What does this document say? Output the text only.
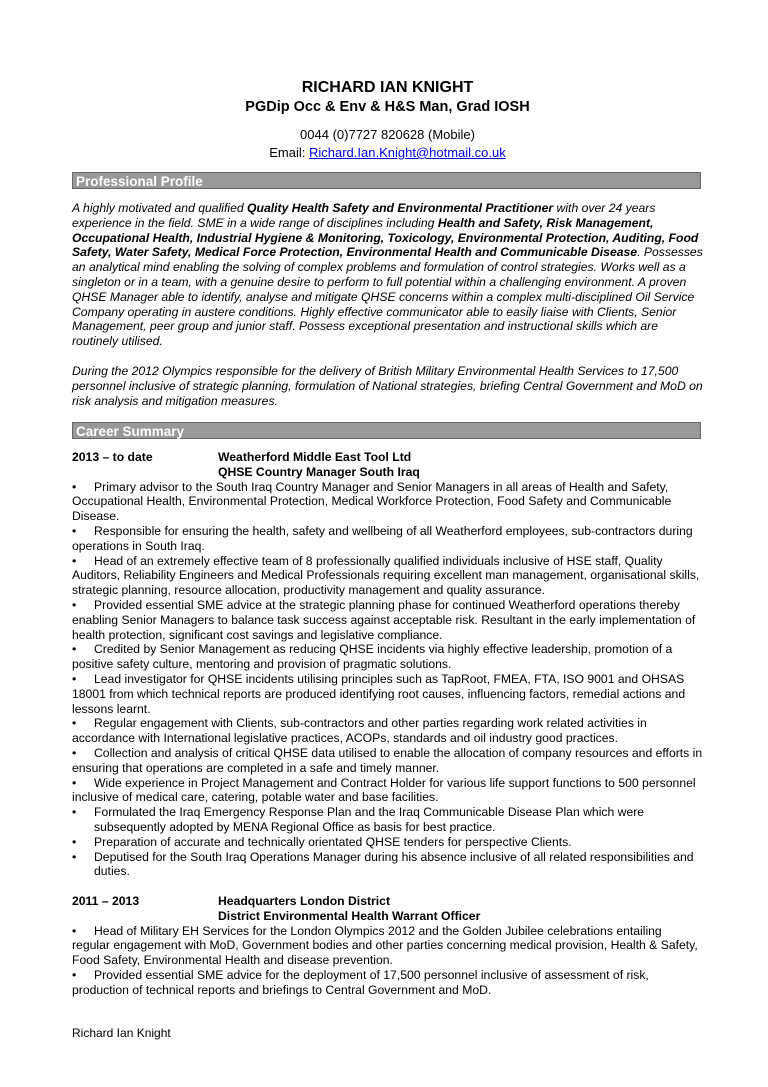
RICHARD IAN KNIGHT
PGDip Occ & Env & H&S Man, Grad IOSH
0044 (0)7727 820628 (Mobile)
Email: Richard.Ian.Knight@hotmail.co.uk
Professional Profile
A highly motivated and qualified Quality Health Safety and Environmental Practitioner with over 24 years experience in the field. SME in a wide range of disciplines including Health and Safety, Risk Management, Occupational Health, Industrial Hygiene & Monitoring, Toxicology, Environmental Protection, Auditing, Food Safety, Water Safety, Medical Force Protection, Environmental Health and Communicable Disease. Possesses an analytical mind enabling the solving of complex problems and formulation of control strategies. Works well as a singleton or in a team, with a genuine desire to perform to full potential within a challenging environment. A proven QHSE Manager able to identify, analyse and mitigate QHSE concerns within a complex multi-disciplined Oil Service Company operating in austere conditions. Highly effective communicator able to easily liaise with Clients, Senior Management, peer group and junior staff. Possess exceptional presentation and instructional skills which are routinely utilised.
During the 2012 Olympics responsible for the delivery of British Military Environmental Health Services to 17,500 personnel inclusive of strategic planning, formulation of National strategies, briefing Central Government and MoD on risk analysis and mitigation measures.
Career Summary
2013 – to date	Weatherford Middle East Tool Ltd
QHSE Country Manager South Iraq
• Primary advisor to the South Iraq Country Manager and Senior Managers in all areas of Health and Safety, Occupational Health, Environmental Protection, Medical Workforce Protection, Food Safety and Communicable Disease.
• Responsible for ensuring the health, safety and wellbeing of all Weatherford employees, sub-contractors during operations in South Iraq.
• Head of an extremely effective team of 8 professionally qualified individuals inclusive of HSE staff, Quality Auditors, Reliability Engineers and Medical Professionals requiring excellent man management, organisational skills, strategic planning, resource allocation, productivity management and quality assurance.
• Provided essential SME advice at the strategic planning phase for continued Weatherford operations thereby enabling Senior Managers to balance task success against acceptable risk. Resultant in the early implementation of health protection, significant cost savings and legislative compliance.
• Credited by Senior Management as reducing QHSE incidents via highly effective leadership, promotion of a positive safety culture, mentoring and provision of pragmatic solutions.
• Lead investigator for QHSE incidents utilising principles such as TapRoot, FMEA, FTA, ISO 9001 and OHSAS 18001 from which technical reports are produced identifying root causes, influencing factors, remedial actions and lessons learnt.
• Regular engagement with Clients, sub-contractors and other parties regarding work related activities in accordance with International legislative practices, ACOPs, standards and oil industry good practices.
• Collection and analysis of critical QHSE data utilised to enable the allocation of company resources and efforts in ensuring that operations are completed in a safe and timely manner.
• Wide experience in Project Management and Contract Holder for various life support functions to 500 personnel inclusive of medical care, catering, potable water and base facilities.
• Formulated the Iraq Emergency Response Plan and the Iraq Communicable Disease Plan which were subsequently adopted by MENA Regional Office as basis for best practice.
• Preparation of accurate and technically orientated QHSE tenders for perspective Clients.
• Deputised for the South Iraq Operations Manager during his absence inclusive of all related responsibilities and duties.
2011 – 2013	Headquarters London District
District Environmental Health Warrant Officer
• Head of Military EH Services for the London Olympics 2012 and the Golden Jubilee celebrations entailing regular engagement with MoD, Government bodies and other parties concerning medical provision, Health & Safety, Food Safety, Environmental Health and disease prevention.
• Provided essential SME advice for the deployment of 17,500 personnel inclusive of assessment of risk, production of technical reports and briefings to Central Government and MoD.
Richard Ian Knight
